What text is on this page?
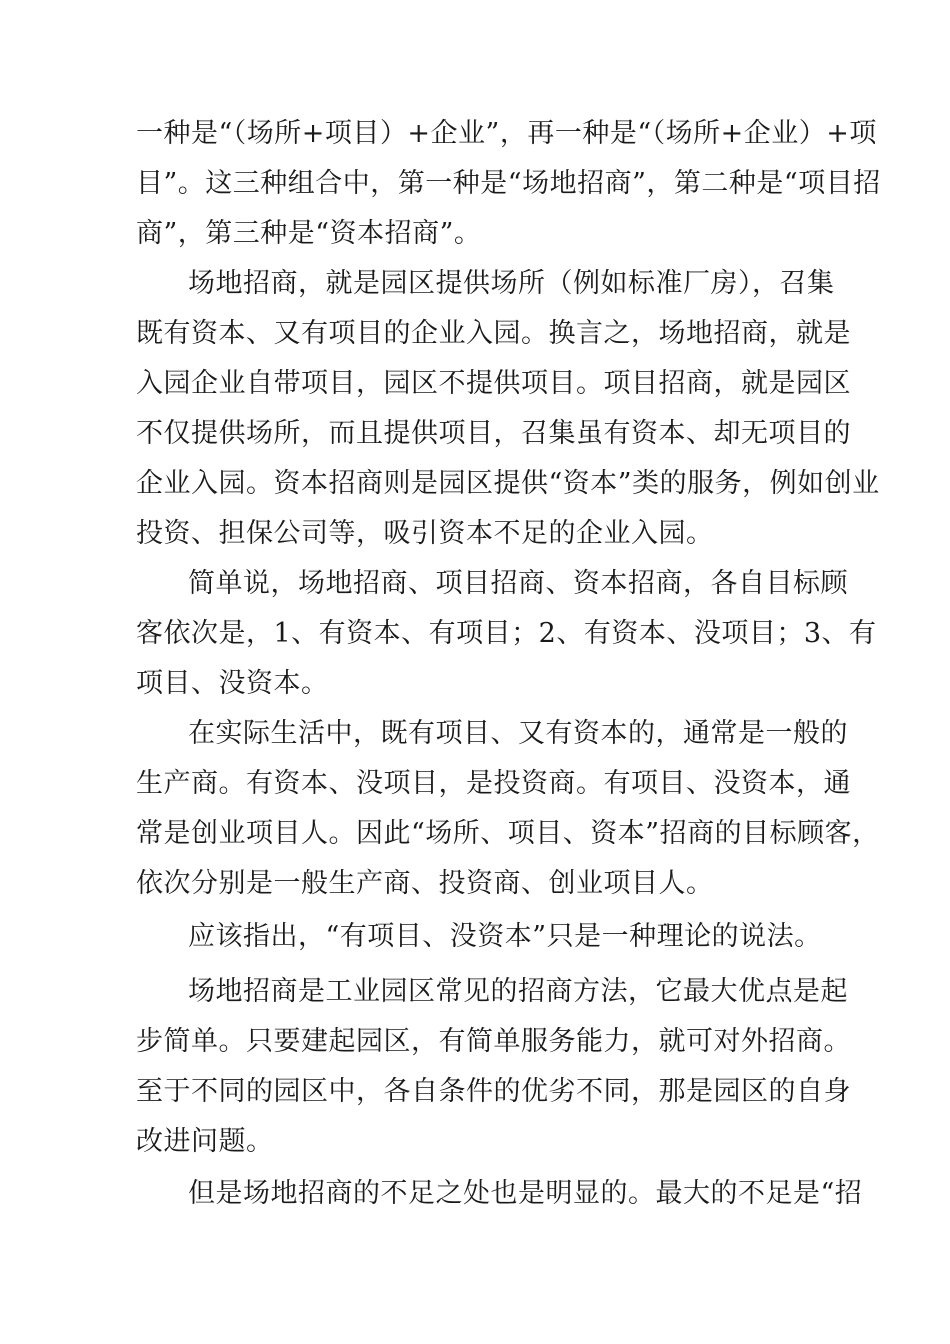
一种是“（场所+项目）+企业”，再一种是“（场所+企业）+项
目”。这三种组合中，第一种是“场地招商”，第二种是“项目招
商”，第三种是“资本招商”。
场地招商，就是园区提供场所（例如标准厂房），召集
既有资本、又有项目的企业入园。换言之，场地招商，就是
入园企业自带项目，园区不提供项目。项目招商，就是园区
不仅提供场所，而且提供项目，召集虽有资本、却无项目的
企业入园。资本招商则是园区提供“资本”类的服务，例如创业
投资、担保公司等，吸引资本不足的企业入园。
简单说，场地招商、项目招商、资本招商，各自目标顾
客依次是，1、有资本、有项目；2、有资本、没项目；3、有
项目、没资本。
在实际生活中，既有项目、又有资本的，通常是一般的
生产商。有资本、没项目，是投资商。有项目、没资本，通
常是创业项目人。因此“场所、项目、资本”招商的目标顾客，
依次分别是一般生产商、投资商、创业项目人。
应该指出，“有项目、没资本”只是一种理论的说法。
场地招商是工业园区常见的招商方法，它最大优点是起
步简单。只要建起园区，有简单服务能力，就可对外招商。
至于不同的园区中，各自条件的优劣不同，那是园区的自身
改进问题。
但是场地招商的不足之处也是明显的。最大的不足是“招
